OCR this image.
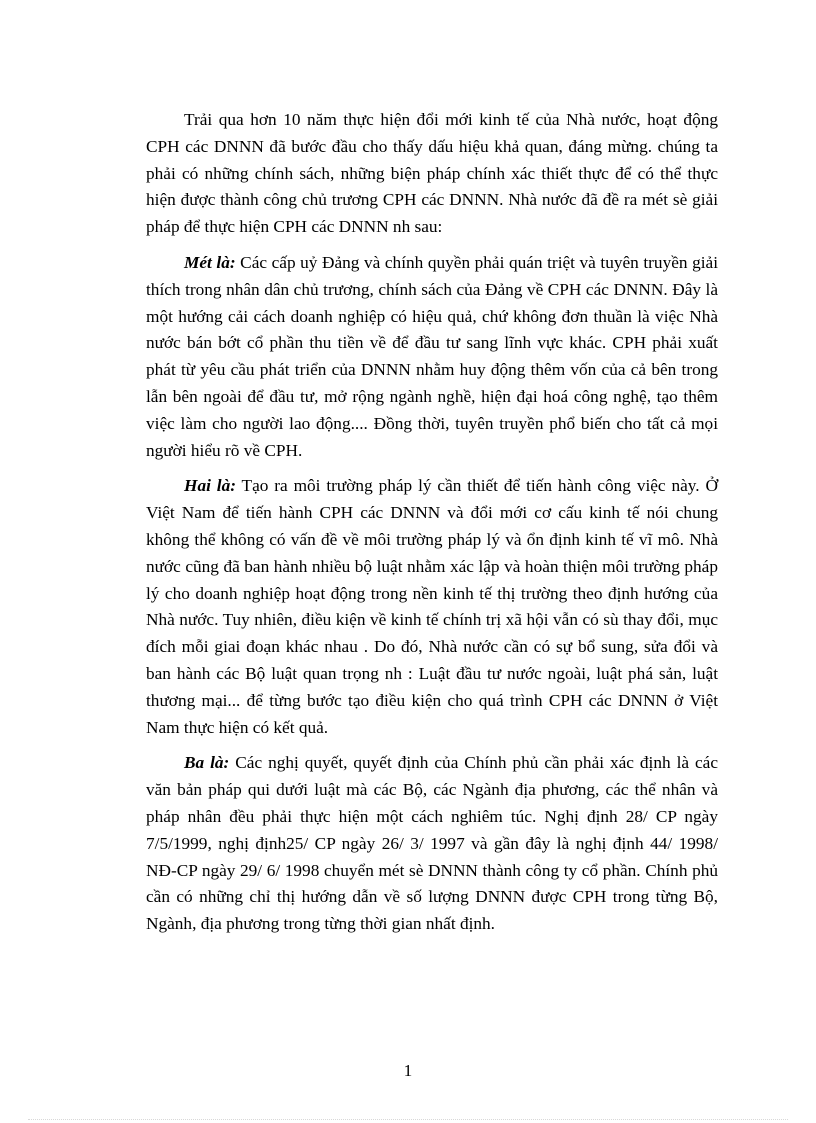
Trải qua hơn 10 năm thực hiện đổi mới kinh tế của Nhà nước, hoạt động CPH các DNNN đã bước đầu cho thấy dấu hiệu khả quan, đáng mừng. chúng ta phải có những chính sách, những biện pháp chính xác thiết thực để có thể thực hiện được thành công chủ trương CPH các DNNN. Nhà nước đã đề ra mét sè giải pháp để thực hiện CPH các DNNN nh sau:

Mét là: Các cấp uỷ Đảng và chính quyền phải quán triệt và tuyên truyền giải thích trong nhân dân chủ trương, chính sách của Đảng về CPH các DNNN. Đây là một hướng cải cách doanh nghiệp có hiệu quả, chứ không đơn thuần là việc Nhà nước bán bớt cổ phần thu tiền về để đầu tư sang lĩnh vực khác. CPH phải xuất phát từ yêu cầu phát triển của DNNN nhằm huy động thêm vốn của cả bên trong lẫn bên ngoài để đầu tư, mở rộng ngành nghề, hiện đại hoá công nghệ, tạo thêm việc làm cho người lao động.... Đồng thời, tuyên truyền phổ biến cho tất cả mọi người hiểu rõ về CPH.

Hai là: Tạo ra môi trường pháp lý cần thiết để tiến hành công việc này. Ở Việt Nam để tiến hành CPH các DNNN và đổi mới cơ cấu kinh tế nói chung không thể không có vấn đề về môi trường pháp lý và ổn định kinh tế vĩ mô. Nhà nước cũng đã ban hành nhiều bộ luật nhằm xác lập và hoàn thiện môi trường pháp lý cho doanh nghiệp hoạt động trong nền kinh tế thị trường theo định hướng của Nhà nước. Tuy nhiên, điều kiện về kinh tế chính trị xã hội vẫn có sù thay đổi, mục đích mỗi giai đoạn khác nhau . Do đó, Nhà nước cần có sự bổ sung, sửa đổi và ban hành các Bộ luật quan trọng nh : Luật đầu tư nước ngoài, luật phá sản, luật thương mại... để từng bước tạo điều kiện cho quá trình CPH các DNNN ở Việt Nam thực hiện có kết quả.

Ba là: Các nghị quyết, quyết định của Chính phủ cần phải xác định là các văn bản pháp qui dưới luật mà các Bộ, các Ngành địa phương, các thể nhân và pháp nhân đều phải thực hiện một cách nghiêm túc. Nghị định 28/ CP ngày 7/5/1999, nghị định25/ CP ngày 26/ 3/ 1997 và gần đây là nghị định 44/ 1998/ NĐ-CP ngày 29/ 6/ 1998 chuyển mét sè DNNN thành công ty cổ phần. Chính phủ cần có những chỉ thị hướng dẫn về số lượng DNNN được CPH trong từng Bộ, Ngành, địa phương trong từng thời gian nhất định.

1
